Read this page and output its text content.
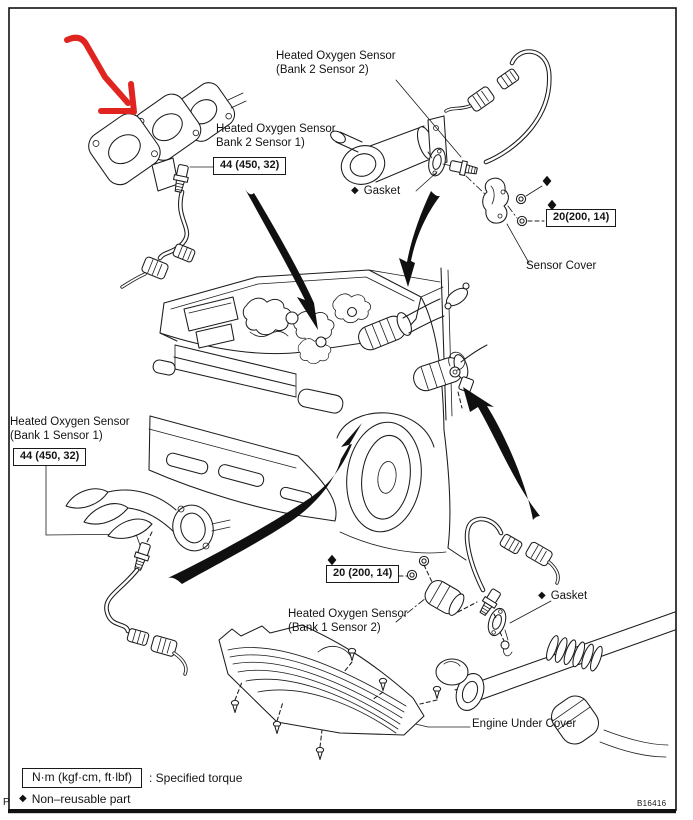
Heated Oxygen Sensor
(Bank 2 Sensor 2)
Heated Oxygen Sensor
Bank 2 Sensor 1)
44 (450, 32)
◆ Gasket
20(200, 14)
Sensor Cover
Heated Oxygen Sensor
(Bank 1 Sensor 1)
44 (450, 32)
20 (200, 14)
Heated Oxygen Sensor
(Bank 1 Sensor 2)
◆ Gasket
Engine Under Cover
N·m (kgf·cm, ft·lbf)	: Specified torque
◆ Non–reusable part
P	B16416
